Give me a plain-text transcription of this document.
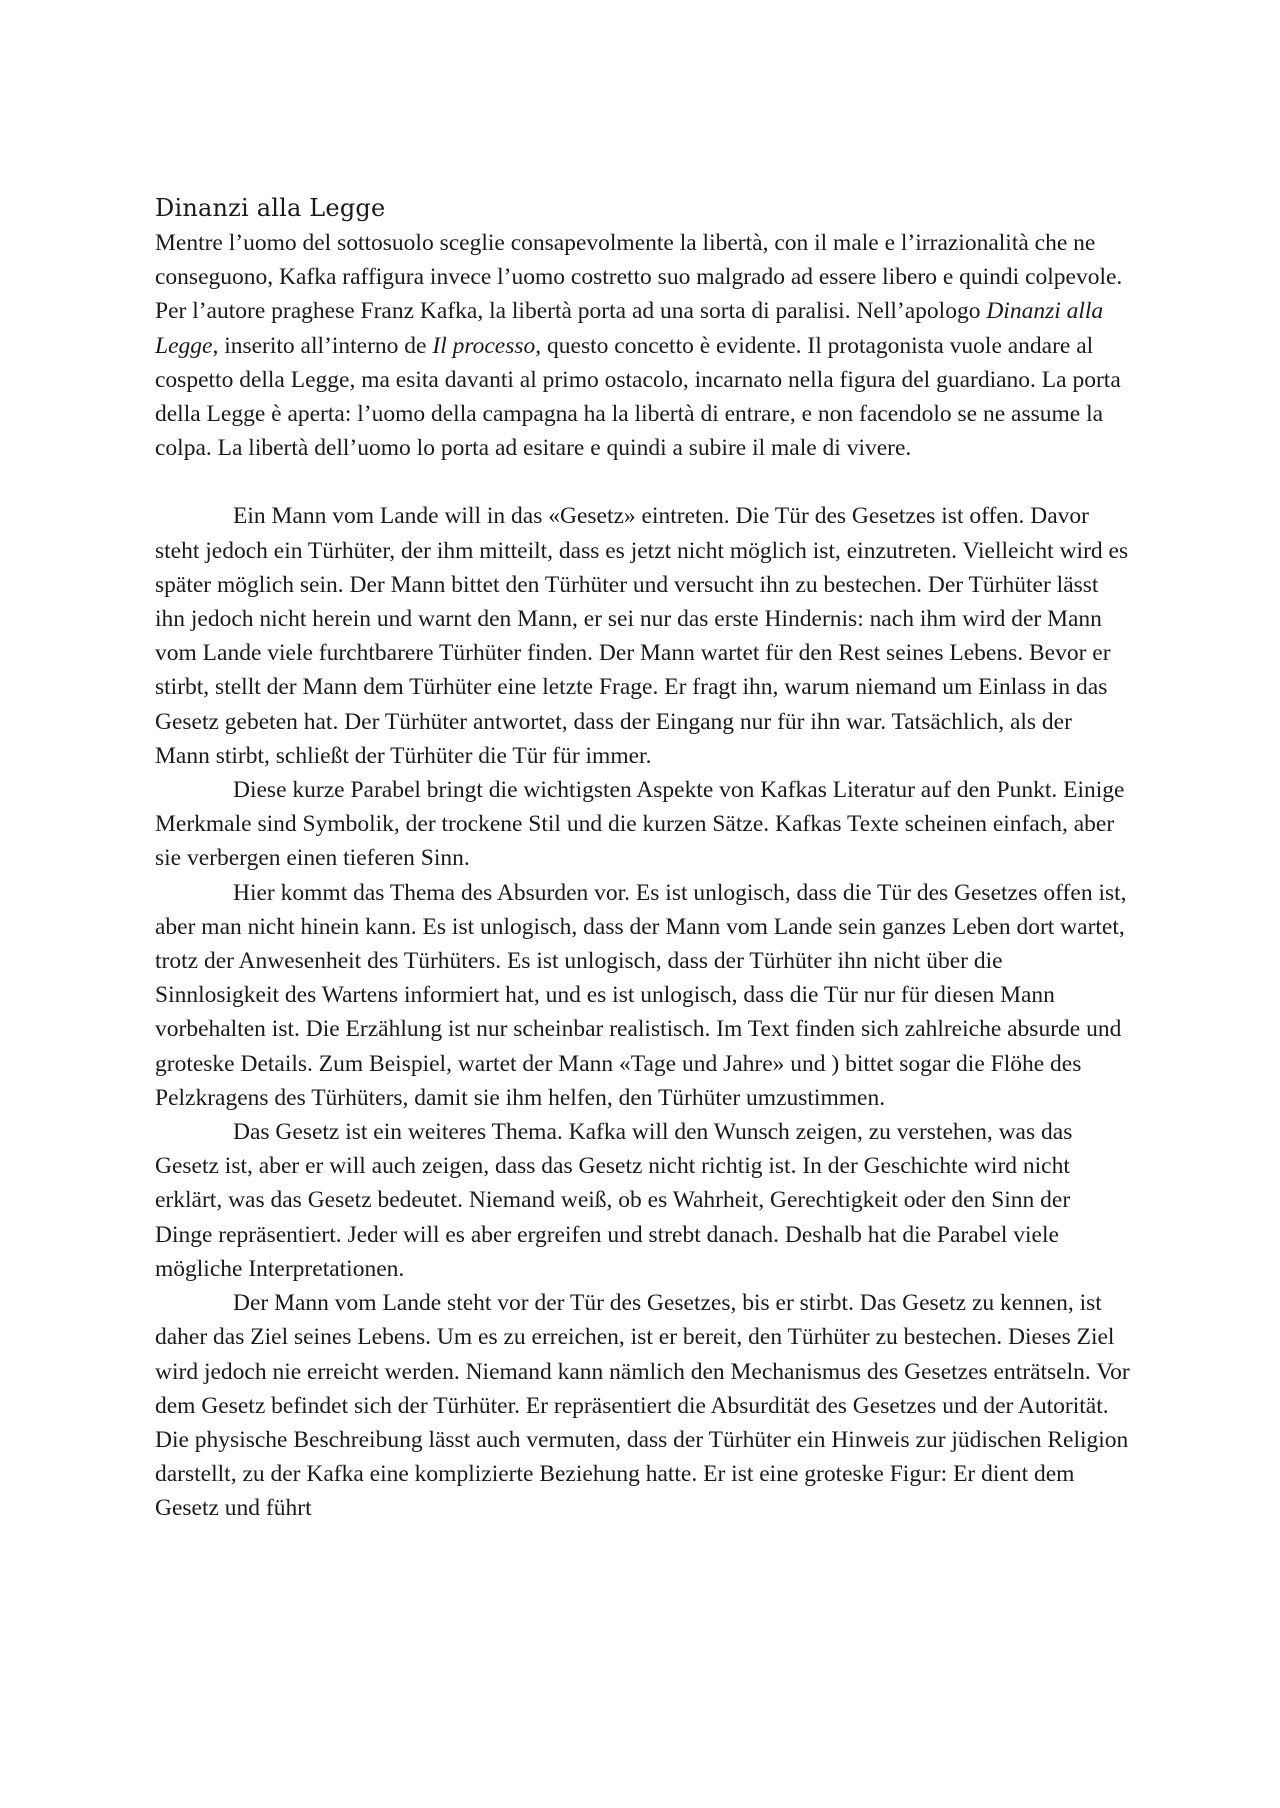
Dinanzi alla Legge

Mentre l’uomo del sottosuolo sceglie consapevolmente la libertà, con il male e l’irrazionalità che ne conseguono, Kafka raffigura invece l’uomo costretto suo malgrado ad essere libero e quindi colpevole. Per l’autore praghese Franz Kafka, la libertà porta ad una sorta di paralisi. Nell’apologo Dinanzi alla Legge, inserito all’interno de Il processo, questo concetto è evidente. Il protagonista vuole andare al cospetto della Legge, ma esita davanti al primo ostacolo, incarnato nella figura del guardiano. La porta della Legge è aperta: l’uomo della campagna ha la libertà di entrare, e non facendolo se ne assume la colpa. La libertà dell’uomo lo porta ad esitare e quindi a subire il male di vivere.

Ein Mann vom Lande will in das «Gesetz» eintreten. Die Tür des Gesetzes ist offen. Davor steht jedoch ein Türhüter, der ihm mitteilt, dass es jetzt nicht möglich ist, einzutreten. Vielleicht wird es später möglich sein. Der Mann bittet den Türhüter und versucht ihn zu bestechen. Der Türhüter lässt ihn jedoch nicht herein und warnt den Mann, er sei nur das erste Hindernis: nach ihm wird der Mann vom Lande viele furchtbarere Türhüter finden. Der Mann wartet für den Rest seines Lebens. Bevor er stirbt, stellt der Mann dem Türhüter eine letzte Frage. Er fragt ihn, warum niemand um Einlass in das Gesetz gebeten hat. Der Türhüter antwortet, dass der Eingang nur für ihn war. Tatsächlich, als der Mann stirbt, schließt der Türhüter die Tür für immer.

Diese kurze Parabel bringt die wichtigsten Aspekte von Kafkas Literatur auf den Punkt. Einige Merkmale sind Symbolik, der trockene Stil und die kurzen Sätze. Kafkas Texte scheinen einfach, aber sie verbergen einen tieferen Sinn.

Hier kommt das Thema des Absurden vor. Es ist unlogisch, dass die Tür des Gesetzes offen ist, aber man nicht hinein kann. Es ist unlogisch, dass der Mann vom Lande sein ganzes Leben dort wartet, trotz der Anwesenheit des Türhüters. Es ist unlogisch, dass der Türhüter ihn nicht über die Sinnlosigkeit des Wartens informiert hat, und es ist unlogisch, dass die Tür nur für diesen Mann vorbehalten ist. Die Erzählung ist nur scheinbar realistisch. Im Text finden sich zahlreiche absurde und groteske Details. Zum Beispiel, wartet der Mann «Tage und Jahre» und ) bittet sogar die Flöhe des Pelzkragens des Türhüters, damit sie ihm helfen, den Türhüter umzustimmen.

Das Gesetz ist ein weiteres Thema. Kafka will den Wunsch zeigen, zu verstehen, was das Gesetz ist, aber er will auch zeigen, dass das Gesetz nicht richtig ist. In der Geschichte wird nicht erklärt, was das Gesetz bedeutet. Niemand weiß, ob es Wahrheit, Gerechtigkeit oder den Sinn der Dinge repräsentiert. Jeder will es aber ergreifen und strebt danach. Deshalb hat die Parabel viele mögliche Interpretationen.

Der Mann vom Lande steht vor der Tür des Gesetzes, bis er stirbt. Das Gesetz zu kennen, ist daher das Ziel seines Lebens. Um es zu erreichen, ist er bereit, den Türhüter zu bestechen. Dieses Ziel wird jedoch nie erreicht werden. Niemand kann nämlich den Mechanismus des Gesetzes enträtseln. Vor dem Gesetz befindet sich der Türhüter. Er repräsentiert die Absurdität des Gesetzes und der Autorität. Die physische Beschreibung lässt auch vermuten, dass der Türhüter ein Hinweis zur jüdischen Religion darstellt, zu der Kafka eine komplizierte Beziehung hatte. Er ist eine groteske Figur: Er dient dem Gesetz und führt
